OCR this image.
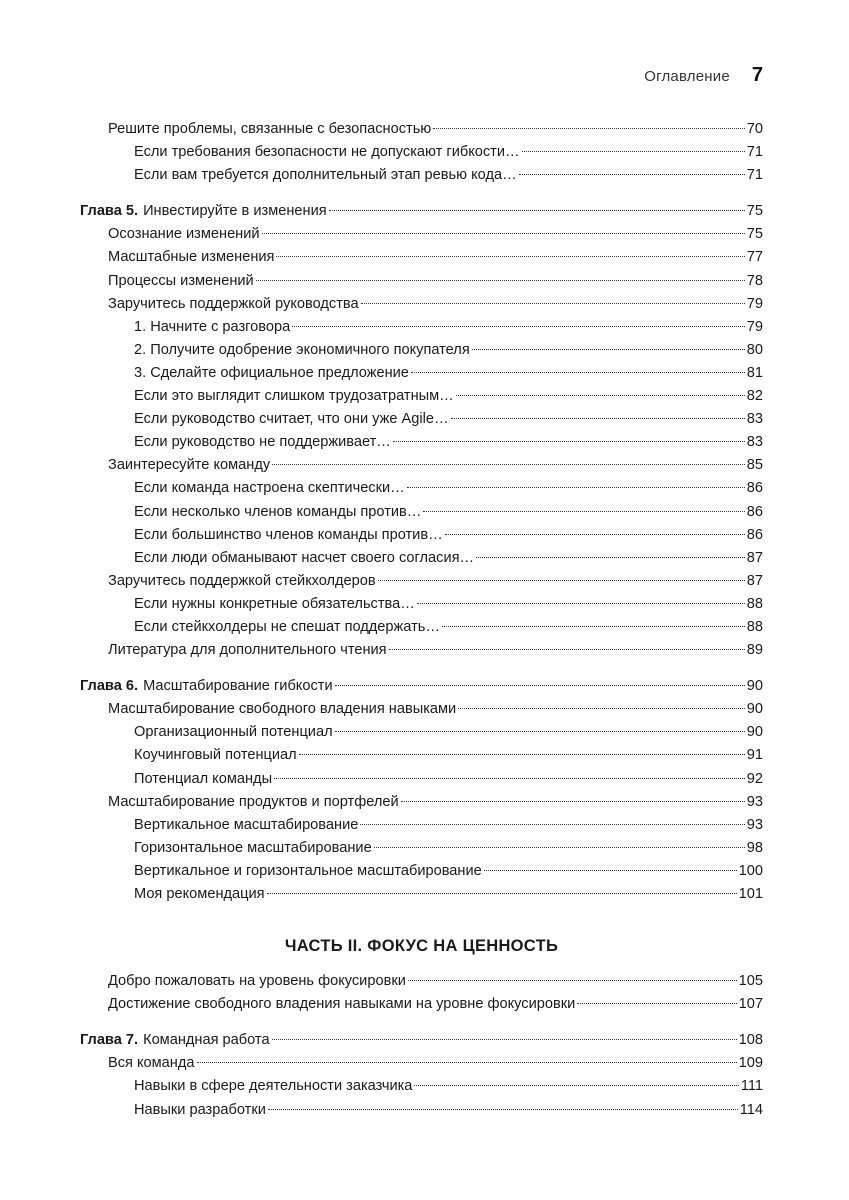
Оглавление 7
Решите проблемы, связанные с безопасностью	70
Если требования безопасности не допускают гибкости…	71
Если вам требуется дополнительный этап ревью кода…	71
Глава 5. Инвестируйте в изменения	75
Осознание изменений	75
Масштабные изменения	77
Процессы изменений	78
Заручитесь поддержкой руководства	79
1. Начните с разговора	79
2. Получите одобрение экономичного покупателя	80
3. Сделайте официальное предложение	81
Если это выглядит слишком трудозатратным…	82
Если руководство считает, что они уже Agile…	83
Если руководство не поддерживает…	83
Заинтересуйте команду	85
Если команда настроена скептически…	86
Если несколько членов команды против…	86
Если большинство членов команды против…	86
Если люди обманывают насчет своего согласия…	87
Заручитесь поддержкой стейкхолдеров	87
Если нужны конкретные обязательства…	88
Если стейкхолдеры не спешат поддержать…	88
Литература для дополнительного чтения	89
Глава 6. Масштабирование гибкости	90
Масштабирование свободного владения навыками	90
Организационный потенциал	90
Коучинговый потенциал	91
Потенциал команды	92
Масштабирование продуктов и портфелей	93
Вертикальное масштабирование	93
Горизонтальное масштабирование	98
Вертикальное и горизонтальное масштабирование	100
Моя рекомендация	101
ЧАСТЬ II. ФОКУС НА ЦЕННОСТЬ
Добро пожаловать на уровень фокусировки	105
Достижение свободного владения навыками на уровне фокусировки	107
Глава 7. Командная работа	108
Вся команда	109
Навыки в сфере деятельности заказчика	111
Навыки разработки	114
